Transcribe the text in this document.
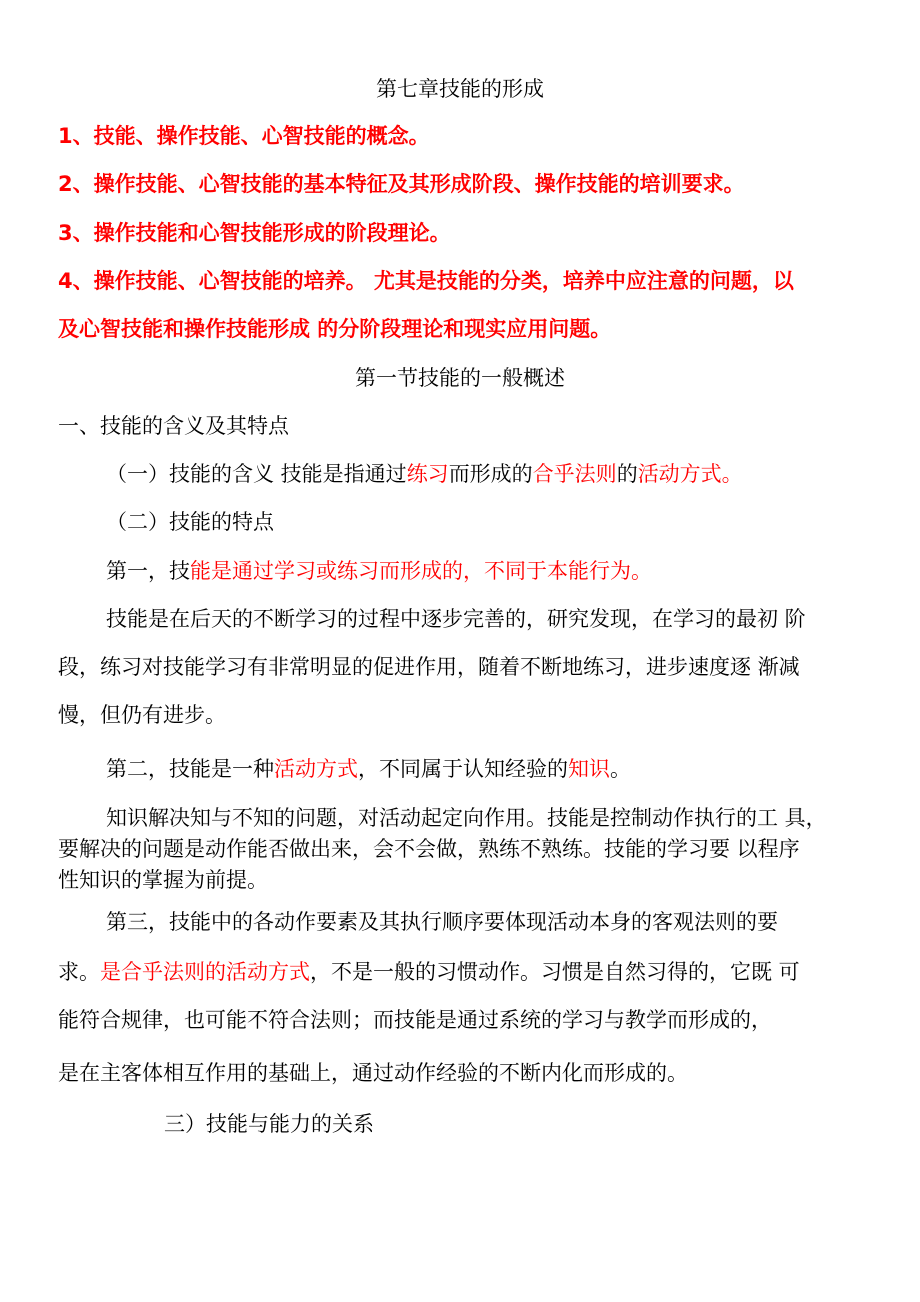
第七章技能的形成
1、技能、操作技能、心智技能的概念。
2、操作技能、心智技能的基本特征及其形成阶段、操作技能的培训要求。
3、操作技能和心智技能形成的阶段理论。
4、操作技能、心智技能的培养。 尤其是技能的分类，培养中应注意的问题，以
及心智技能和操作技能形成 的分阶段理论和现实应用问题。
第一节技能的一般概述
一、技能的含义及其特点
（一）技能的含义 技能是指通过练习而形成的合乎法则的活动方式。
（二）技能的特点
第一，技能是通过学习或练习而形成的，不同于本能行为。
技能是在后天的不断学习的过程中逐步完善的，研究发现，在学习的最初 阶
段，练习对技能学习有非常明显的促进作用，随着不断地练习，进步速度逐 渐减
慢，但仍有进步。
第二，技能是一种活动方式，不同属于认知经验的知识。
知识解决知与不知的问题，对活动起定向作用。技能是控制动作执行的工 具，
要解决的问题是动作能否做出来，会不会做，熟练不熟练。技能的学习要 以程序
性知识的掌握为前提。
第三，技能中的各动作要素及其执行顺序要体现活动本身的客观法则的要
求。是合乎法则的活动方式，不是一般的习惯动作。习惯是自然习得的，它既 可
能符合规律，也可能不符合法则；而技能是通过系统的学习与教学而形成的，
是在主客体相互作用的基础上，通过动作经验的不断内化而形成的。
三）技能与能力的关系
